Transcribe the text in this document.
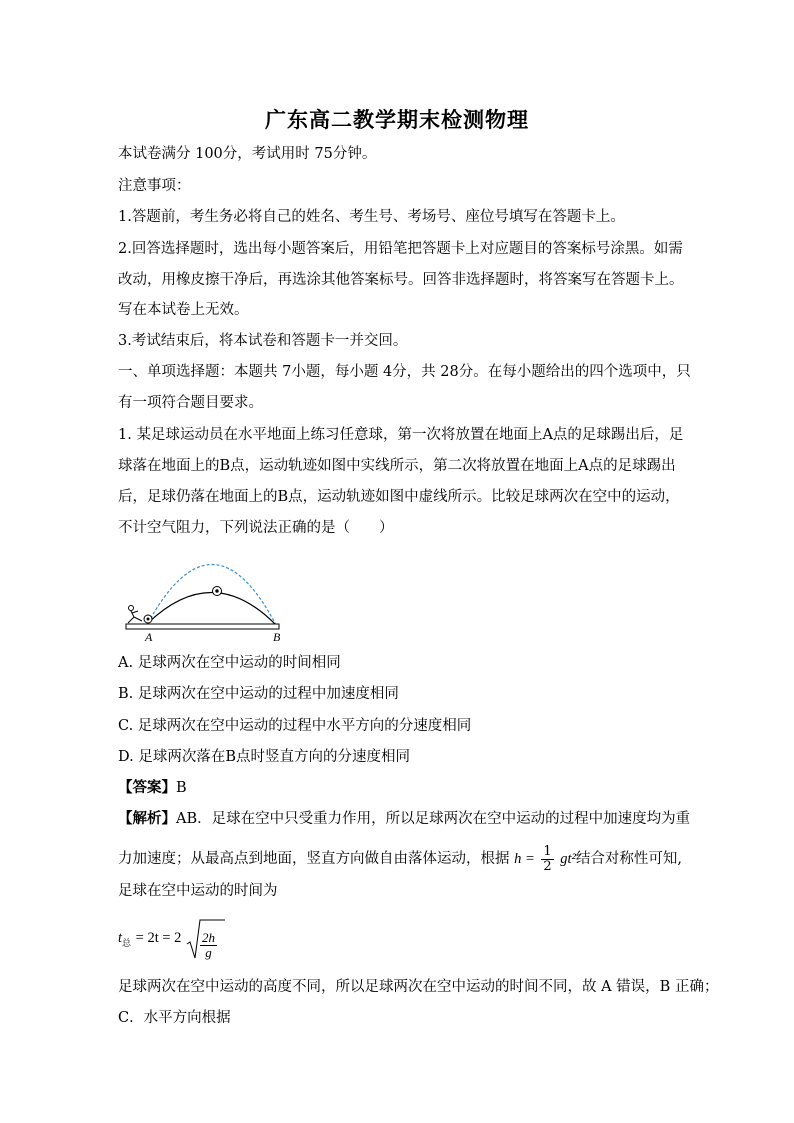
广东高二教学期末检测物理
本试卷满分 100分，考试用时 75分钟。
注意事项：
1.答题前，考生务必将自己的姓名、考生号、考场号、座位号填写在答题卡上。
2.回答选择题时，选出每小题答案后，用铅笔把答题卡上对应题目的答案标号涂黑。如需
改动，用橡皮擦干净后，再选涂其他答案标号。回答非选择题时，将答案写在答题卡上。
写在本试卷上无效。
3.考试结束后，将本试卷和答题卡一并交回。
一、单项选择题：本题共 7小题，每小题 4分，共 28分。在每小题给出的四个选项中，只
有一项符合题目要求。
1. 某足球运动员在水平地面上练习任意球，第一次将放置在地面上A点的足球踢出后，足
球落在地面上的B点，运动轨迹如图中实线所示，第二次将放置在地面上A点的足球踢出
后，足球仍落在地面上的B点，运动轨迹如图中虚线所示。比较足球两次在空中的运动，
不计空气阻力，下列说法正确的是（　　）
A	B
A. 足球两次在空中运动的时间相同
B. 足球两次在空中运动的过程中加速度相同
C. 足球两次在空中运动的过程中水平方向的分速度相同
D. 足球两次落在B点时竖直方向的分速度相同
【答案】B
【解析】AB．足球在空中只受重力作用，所以足球两次在空中运动的过程中加速度均为重
力加速度；从最高点到地面，竖直方向做自由落体运动，根据 $h = \frac{1}{2} gt^2$结合对称性可知,
足球在空中运动的时间为
$t_总 = 2t = 2 \frac{2h}{g}$
足球两次在空中运动的高度不同，所以足球两次在空中运动的时间不同，故 A 错误，B 正确；
C．水平方向根据
